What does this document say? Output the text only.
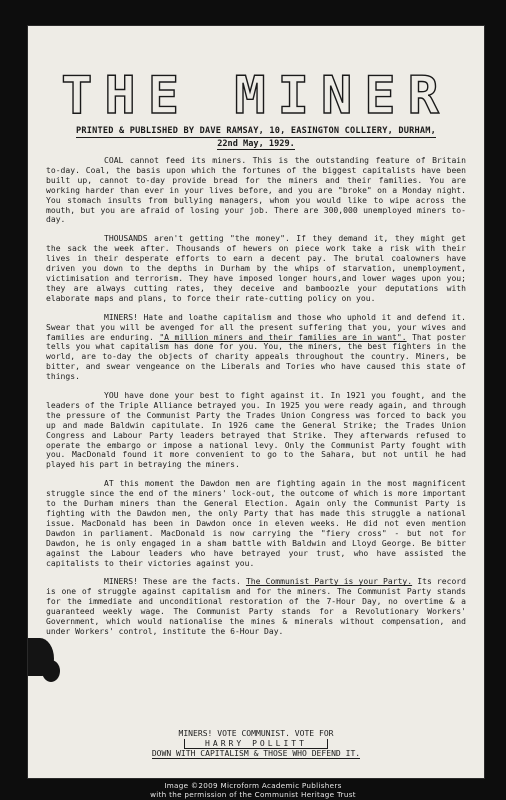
THE MINER
PRINTED & PUBLISHED BY DAVE RAMSAY, 10, EASINGTON COLLIERY, DURHAM,
22nd May, 1929.

COAL cannot feed its miners. This is the outstanding feature of Britain to-day. Coal, the basis upon which the fortunes of the biggest capitalists have been built up, cannot to-day provide bread for the miners and their families. You are working harder than ever in your lives before, and you are "broke" on a Monday night. You stomach insults from bullying managers, whom you would like to wipe across the mouth, but you are afraid of losing your job. There are 300,000 unemployed miners to-day.

THOUSANDS aren't getting "the money". If they demand it, they might get the sack the week after. Thousands of hewers on piece work take a risk with their lives in their desperate efforts to earn a decent pay. The brutal coalowners have driven you down to the depths in Durham by the whips of starvation, unemployment, victimisation and terrorism. They have imposed longer hours,and lower wages upon you; they are always cutting rates, they deceive and bamboozle your deputations with elaborate maps and plans, to force their rate-cutting policy on you.

MINERS! Hate and loathe capitalism and those who uphold it and defend it. Swear that you will be avenged for all the present suffering that you, your wives and families are enduring. "A million miners and their families are in want". That poster tells you what capitalism has done for you. You, the miners, the best fighters in the world, are to-day the objects of charity appeals throughout the country. Miners, be bitter, and swear vengeance on the Liberals and Tories who have caused this state of things.

YOU have done your best to fight against it. In 1921 you fought, and the leaders of the Triple Alliance betrayed you. In 1925 you were ready again, and through the pressure of the Communist Party the Trades Union Congress was forced to back you up and made Baldwin capitulate. In 1926 came the General Strike; the Trades Union Congress and Labour Party leaders betrayed that Strike. They afterwards refused to operate the embargo or impose a national levy. Only the Communist Party fought with you. MacDonald found it more convenient to go to the Sahara, but not until he had played his part in betraying the miners.

AT this moment the Dawdon men are fighting again in the most magnificent struggle since the end of the miners' lock-out, the outcome of which is more important to the Durham miners than the General Election. Again only the Communist Party is fighting with the Dawdon men, the only Party that has made this struggle a national issue. MacDonald has been in Dawdon once in eleven weeks. He did not even mention Dawdon in parliament. MacDonald is now carrying the "fiery cross" - but not for Dawdon, he is only engaged in a sham battle with Baldwin and Lloyd George. Be bitter against the Labour leaders who have betrayed your trust, who have assisted the capitalists to their victories against you.

MINERS! These are the facts. The Communist Party is your Party. Its record is one of struggle against capitalism and for the miners. The Communist Party stands for the immediate and unconditional restoration of the 7-Hour Day, no overtime & a guaranteed weekly wage. The Communist Party stands for a Revolutionary Workers' Government, which would nationalise the mines & minerals without compensation, and under Workers' control, institute the 6-Hour Day.

MINERS! VOTE COMMUNIST. VOTE FOR
HARRY POLLITT
DOWN WITH CAPITALISM & THOSE WHO DEFEND IT.
Image ©2009 Microform Academic Publishers
with the permission of the Communist Heritage Trust
